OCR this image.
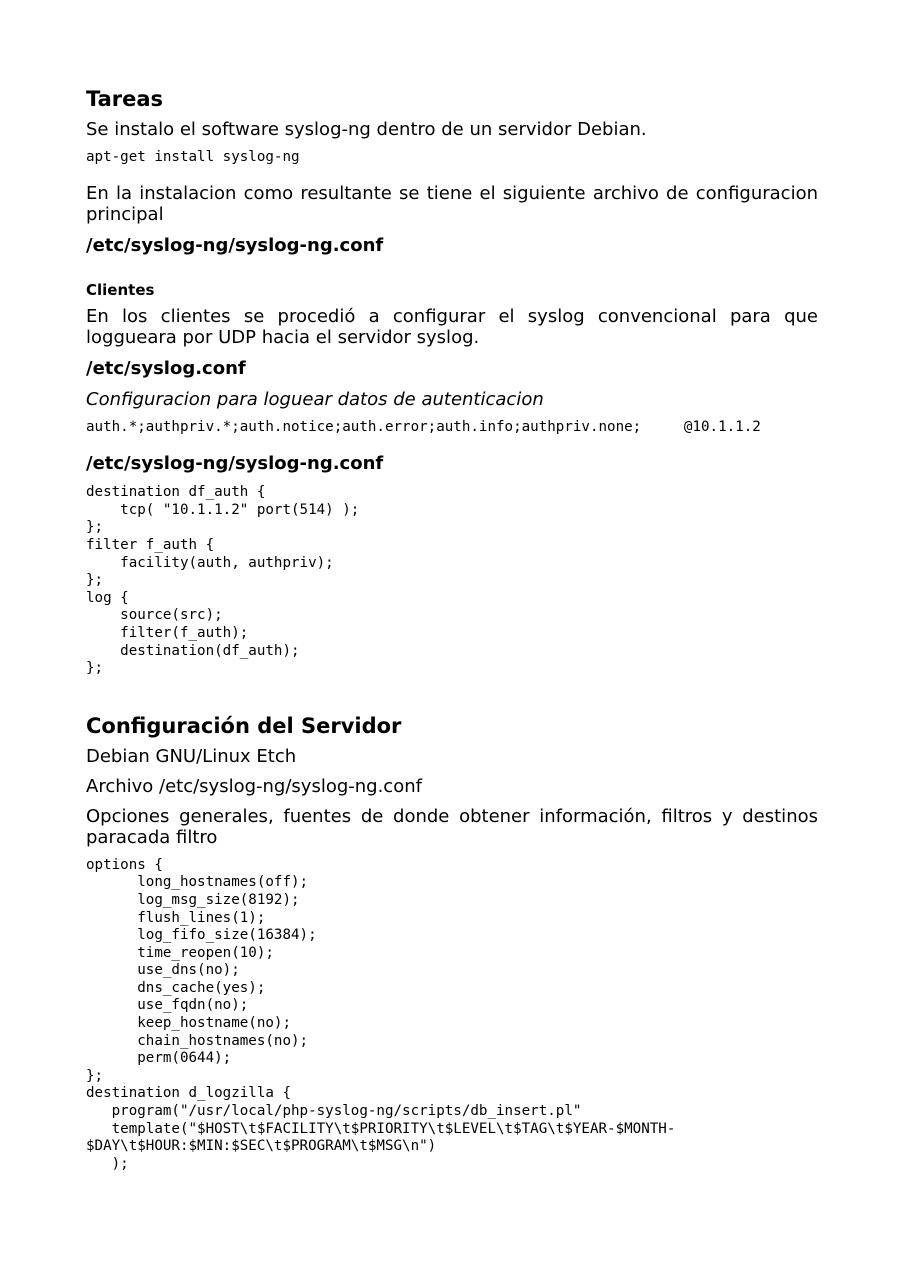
Tareas

Se instalo el software syslog-ng dentro de un servidor Debian.

apt-get install syslog-ng

En la instalacion como resultante se tiene el siguiente archivo de configuracion principal

/etc/syslog-ng/syslog-ng.conf
Clientes

En los clientes se procedió a configurar el syslog convencional para que loggueara por UDP hacia el servidor syslog.

/etc/syslog.conf

Configuracion para loguear datos de autenticacion

auth.*;authpriv.*;auth.notice;auth.error;auth.info;authpriv.none;     @10.1.1.2
/etc/syslog-ng/syslog-ng.conf
destination df_auth {
tcp( "10.1.1.2" port(514) );
};
filter f_auth {
facility(auth, authpriv);
};
log {
source(src);
filter(f_auth);
destination(df_auth);
};
Configuración del Servidor

Debian GNU/Linux Etch

Archivo /etc/syslog-ng/syslog-ng.conf

Opciones generales, fuentes de donde obtener información, filtros y destinos paracada filtro

options {
long_hostnames(off);
log_msg_size(8192);
flush_lines(1);
log_fifo_size(16384);
time_reopen(10);
use_dns(no);
dns_cache(yes);
use_fqdn(no);
keep_hostname(no);
chain_hostnames(no);
perm(0644);
};
destination d_logzilla {
program("/usr/local/php-syslog-ng/scripts/db_insert.pl"
template("$HOST\t$FACILITY\t$PRIORITY\t$LEVEL\t$TAG\t$YEAR-$MONTH-
$DAY\t$HOUR:$MIN:$SEC\t$PROGRAM\t$MSG\n")
);
